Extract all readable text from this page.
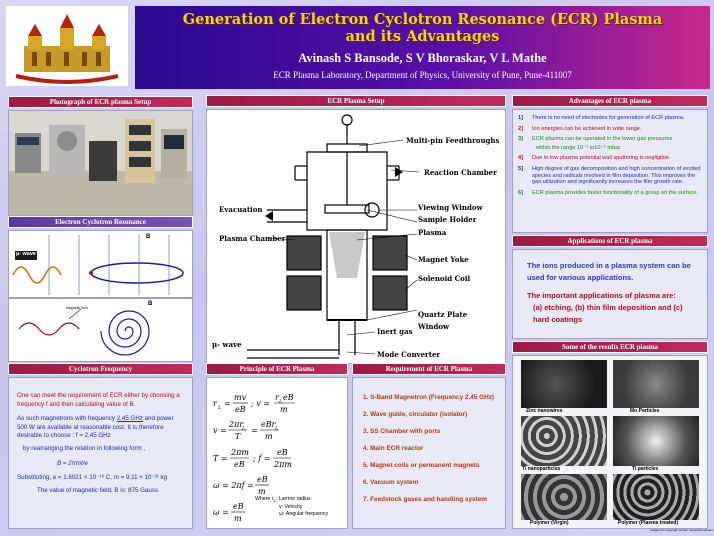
Generation of Electron Cyclotron Resonance (ECR) Plasma
and its Advantages
Avinash S Bansode, S V Bhoraskar, V L Mathe
ECR Plasma Laboratory, Department of Physics, University of Pune, Pune-411007
Photograph of ECR plasma Setup
Electron Cyclotron Resonance
µ- wave
B
B
Magnetic field
Cyclotron Frequency
One can meet the requirement of ECR either by choosing a frequency f and then calculating value of B.
As such magnetrons with frequency 2.45 GHz and power 500 W are available at reasonable cost. It is therefore desirable to choose : f = 2.45 GHz
by rearranging the relation in following form ,
B = 2πmf/e
Substituting, e = 1.6021 × 10⁻¹⁹ C, m = 9.11 × 10⁻³¹ kg
The value of magnetic field, B is: 875 Gauss
ECR Plasma Setup
Multi-pin Feedthroughs
Reaction Chamber
Evacuation	Viewing Window
Sample Holder
Plasma
Plasma Chamber
Magnet Yoke
Solenoid Coil
Quartz Plate
Window
Inert gas
µ- wave
Mode Converter
Principle of ECR Plasma
r L =
mv
eB
; v =
r L eB
m
v =
2πr
L
T
=
eBr L
m
T =
2πm
eB
; f =
eB
2πm
ω = 2πf =
eB
m
ω =
eB
m
Where $r_L$: Larmor radius
v: Velocity
ω: Angular frequency
Requirement of ECR Plasma
1. S-Band Magnetron (Frequency 2.45 GHz)
2. Wave guide, circulator (isolator)
3. SS Chamber with ports
4. Main ECR reactor
5. Magnet coils or permanent magnets
6. Vacuum system
7. Feedstock gases and handling system
Advantages of ECR plasma
1]	There is no need of electrodes for generation of ECR plasma.
2]	Ion energies can be achieved in wide range.
3]	ECR plasma can be operated in the lower gas pressures
within the range 10⁻² to10⁻⁵ mbar.
4]	Due to low plasma potential wall sputtering is negligible.
5]	High degree of gas decomposition and high concentration of excited species and radicals involved in film deposition. This improves the gas utilization and significantly increases the film growth rate.
6]	ECR plasma provides faster functionality of a group on the surface.
Applications of ECR plasma
The ions produced in a plasma system can be used for various applications.
The important applications of plasma are:
(a) etching, (b) thin film deposition and (c) hard coatings
Some of the results ECR plasma
Zinc nanowires	Mo Particles
Ti nanoparticles	Ti particles
Polymer (Virgin)	Polymer (Plasma treated)
Images are copyright of their respective owners
